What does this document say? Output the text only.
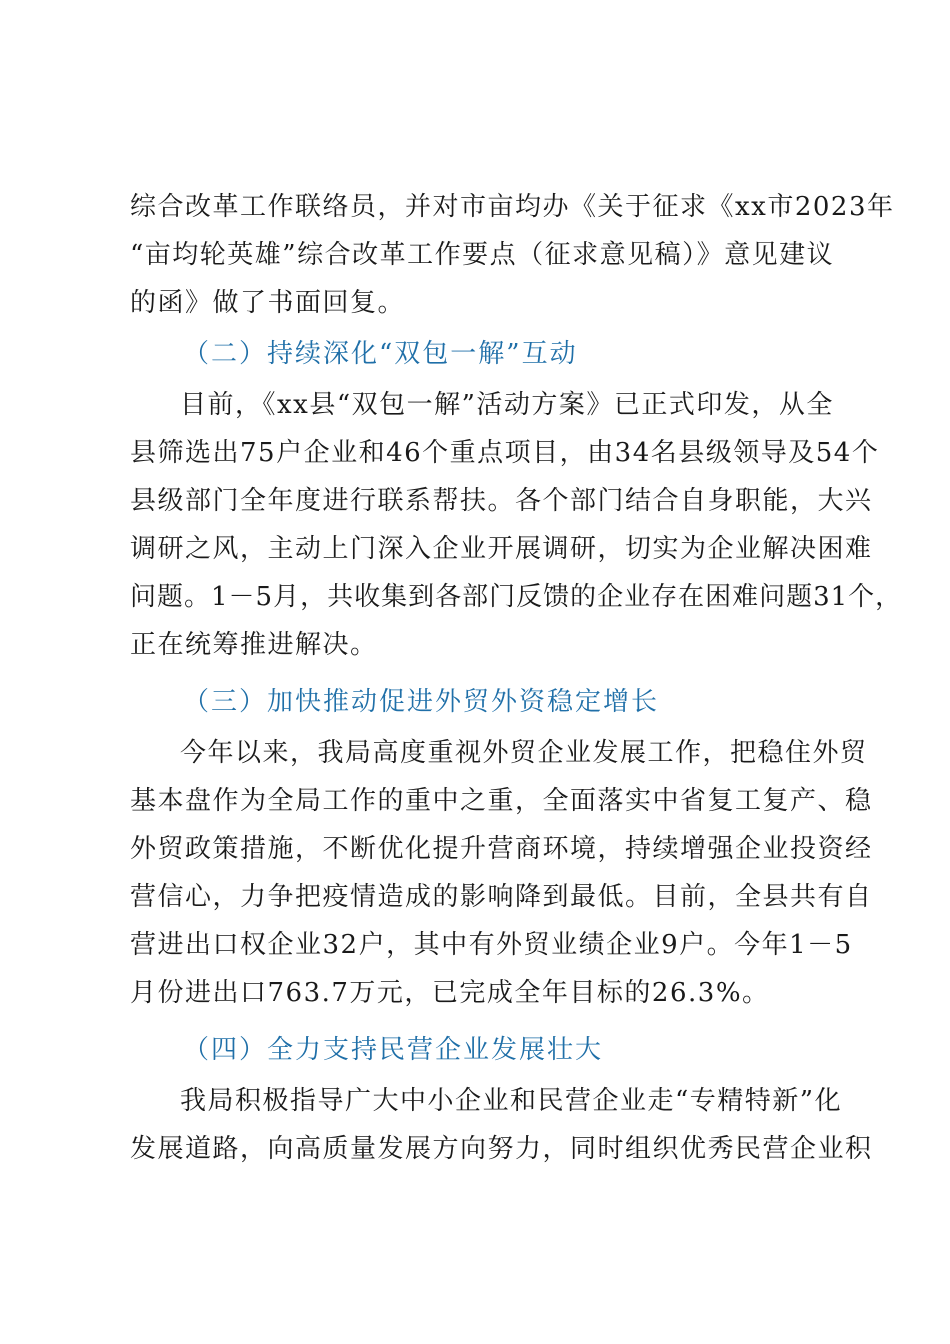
综合改革工作联络员，并对市亩均办《关于征求《xx市2023年
“亩均轮英雄”综合改革工作要点（征求意见稿）》意见建议
的函》做了书面回复。
（二）持续深化“双包一解”互动
目前，《xx县“双包一解”活动方案》已正式印发，从全
县筛选出75户企业和46个重点项目，由34名县级领导及54个
县级部门全年度进行联系帮扶。各个部门结合自身职能，大兴
调研之风，主动上门深入企业开展调研，切实为企业解决困难
问题。1－5月，共收集到各部门反馈的企业存在困难问题31个，
正在统筹推进解决。
（三）加快推动促进外贸外资稳定增长
今年以来，我局高度重视外贸企业发展工作，把稳住外贸
基本盘作为全局工作的重中之重，全面落实中省复工复产、稳
外贸政策措施，不断优化提升营商环境，持续增强企业投资经
营信心，力争把疫情造成的影响降到最低。目前，全县共有自
营进出口权企业32户，其中有外贸业绩企业9户。今年1－5
月份进出口763.7万元，已完成全年目标的26.3%。
（四）全力支持民营企业发展壮大
我局积极指导广大中小企业和民营企业走“专精特新”化
发展道路，向高质量发展方向努力，同时组织优秀民营企业积
